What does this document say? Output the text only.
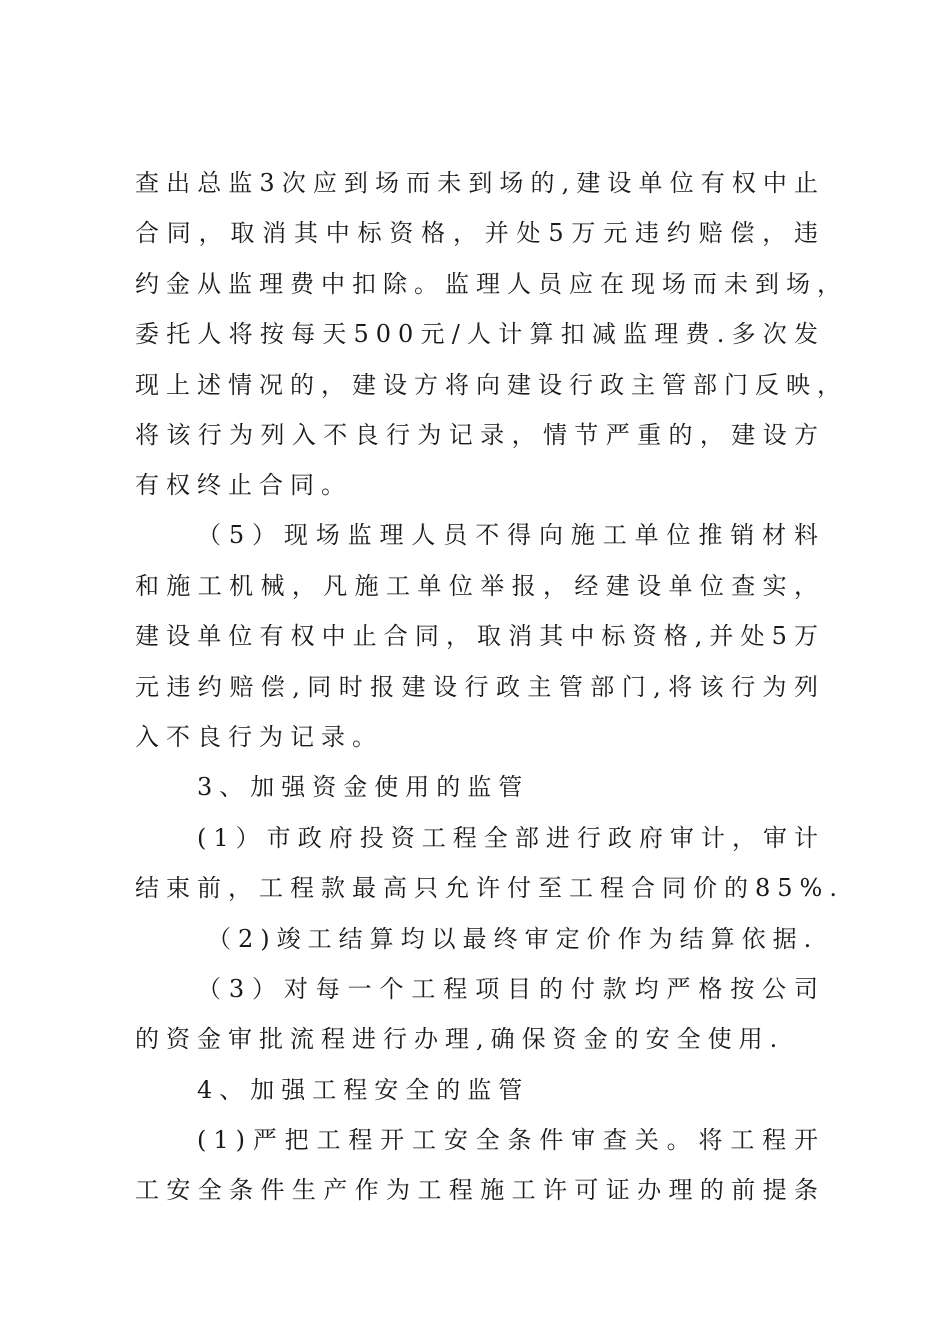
查出总监3次应到场而未到场的,建设单位有权中止
合同，取消其中标资格，并处5万元违约赔偿，违
约金从监理费中扣除。监理人员应在现场而未到场，
委托人将按每天500元/人计算扣减监理费.多次发
现上述情况的，建设方将向建设行政主管部门反映，
将该行为列入不良行为记录，情节严重的，建设方
有权终止合同。
（5）现场监理人员不得向施工单位推销材料
和施工机械，凡施工单位举报，经建设单位查实，
建设单位有权中止合同，取消其中标资格,并处5万
元违约赔偿,同时报建设行政主管部门,将该行为列
入不良行为记录。
3、加强资金使用的监管
(1）市政府投资工程全部进行政府审计，审计
结束前，工程款最高只允许付至工程合同价的85%.
（2)竣工结算均以最终审定价作为结算依据.
（3）对每一个工程项目的付款均严格按公司
的资金审批流程进行办理,确保资金的安全使用.
4、加强工程安全的监管
(1)严把工程开工安全条件审查关。将工程开
工安全条件生产作为工程施工许可证办理的前提条
